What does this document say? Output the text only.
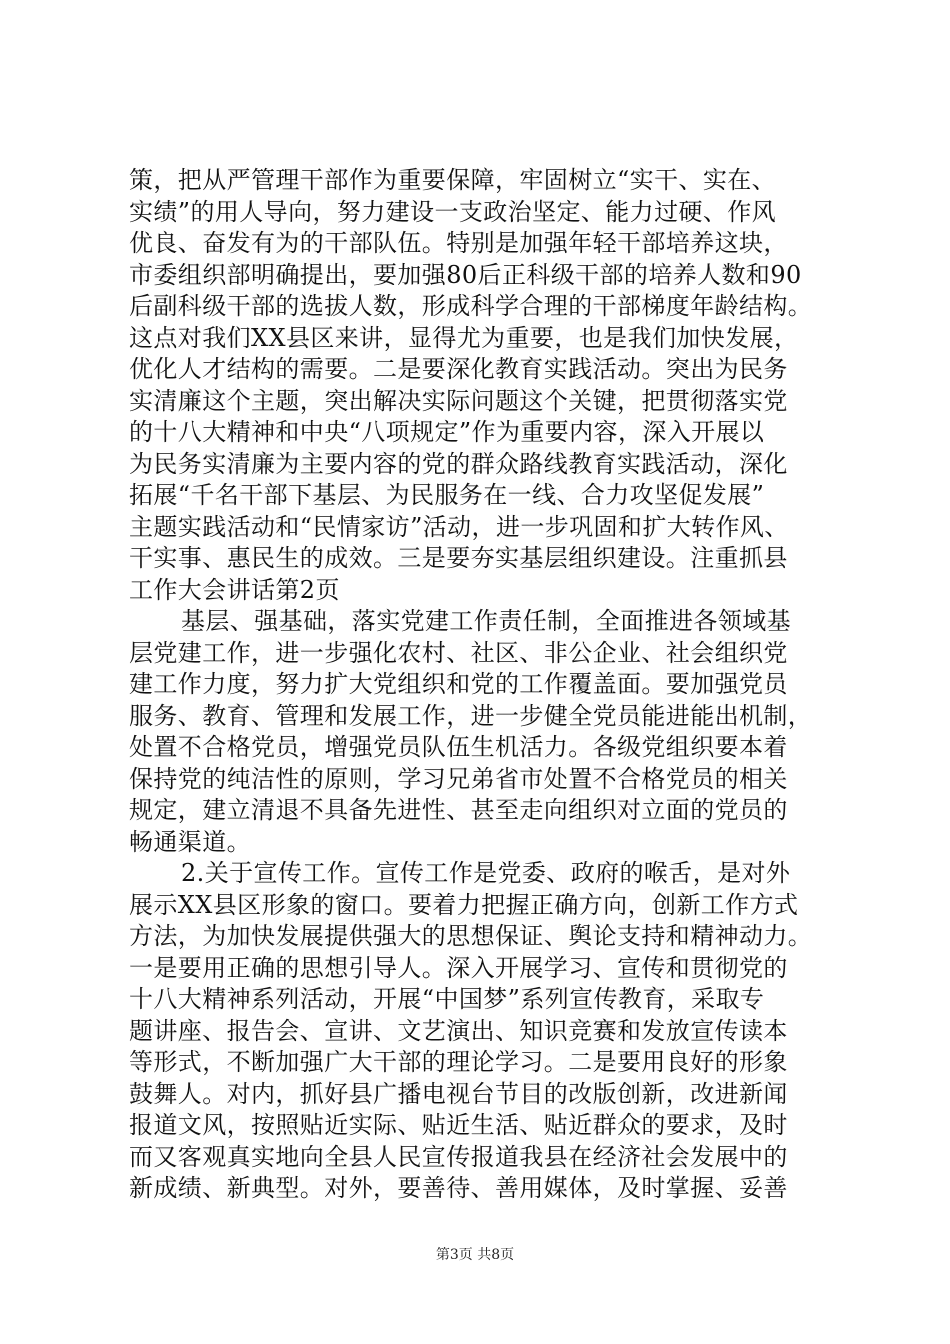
策，把从严管理干部作为重要保障，牢固树立“实干、实在、
实绩”的用人导向，努力建设一支政治坚定、能力过硬、作风
优良、奋发有为的干部队伍。特别是加强年轻干部培养这块，
市委组织部明确提出，要加强80后正科级干部的培养人数和90
后副科级干部的选拔人数，形成科学合理的干部梯度年龄结构。
这点对我们XX县区来讲，显得尤为重要，也是我们加快发展，
优化人才结构的需要。二是要深化教育实践活动。突出为民务
实清廉这个主题，突出解决实际问题这个关键，把贯彻落实党
的十八大精神和中央“八项规定”作为重要内容，深入开展以
为民务实清廉为主要内容的党的群众路线教育实践活动，深化
拓展“千名干部下基层、为民服务在一线、合力攻坚促发展”
主题实践活动和“民情家访”活动，进一步巩固和扩大转作风、
干实事、惠民生的成效。三是要夯实基层组织建设。注重抓县
工作大会讲话第2页
基层、强基础，落实党建工作责任制，全面推进各领域基
层党建工作，进一步强化农村、社区、非公企业、社会组织党
建工作力度，努力扩大党组织和党的工作覆盖面。要加强党员
服务、教育、管理和发展工作，进一步健全党员能进能出机制，
处置不合格党员，增强党员队伍生机活力。各级党组织要本着
保持党的纯洁性的原则，学习兄弟省市处置不合格党员的相关
规定，建立清退不具备先进性、甚至走向组织对立面的党员的
畅通渠道。
2.关于宣传工作。宣传工作是党委、政府的喉舌，是对外
展示XX县区形象的窗口。要着力把握正确方向，创新工作方式
方法，为加快发展提供强大的思想保证、舆论支持和精神动力。
一是要用正确的思想引导人。深入开展学习、宣传和贯彻党的
十八大精神系列活动，开展“中国梦”系列宣传教育，采取专
题讲座、报告会、宣讲、文艺演出、知识竞赛和发放宣传读本
等形式，不断加强广大干部的理论学习。二是要用良好的形象
鼓舞人。对内，抓好县广播电视台节目的改版创新，改进新闻
报道文风，按照贴近实际、贴近生活、贴近群众的要求，及时
而又客观真实地向全县人民宣传报道我县在经济社会发展中的
新成绩、新典型。对外，要善待、善用媒体，及时掌握、妥善
第3页 共8页
